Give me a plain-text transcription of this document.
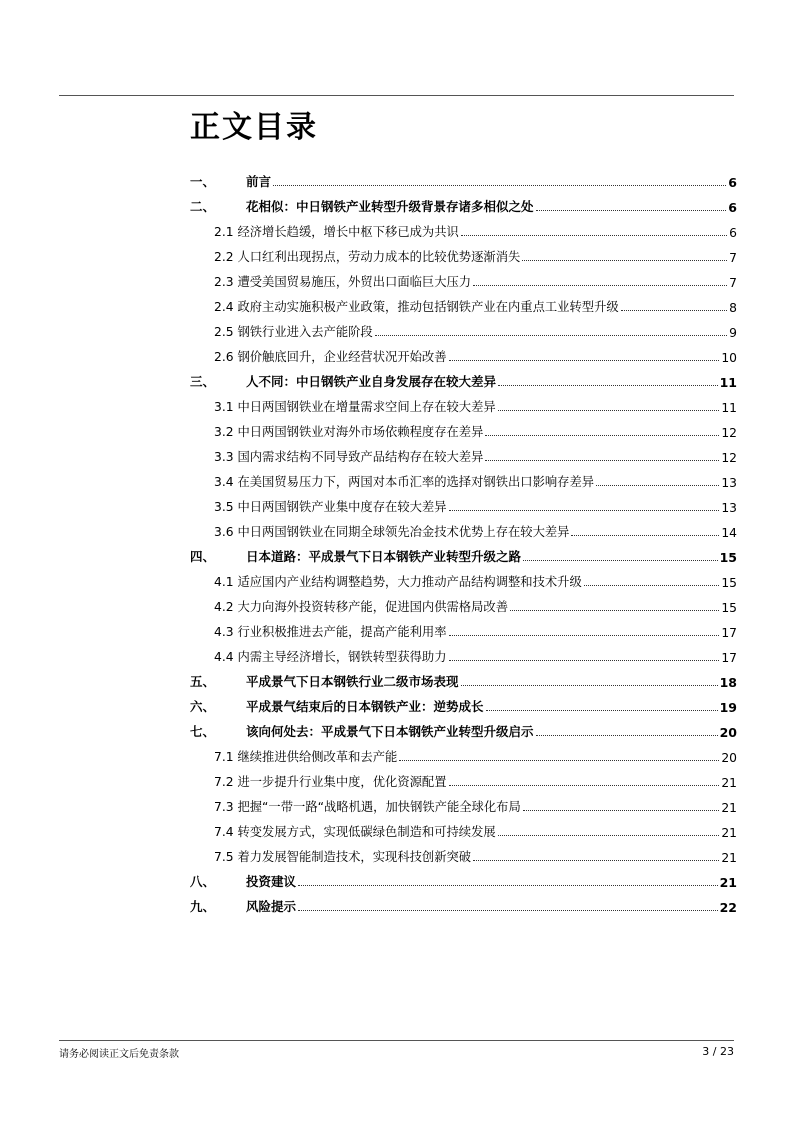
正文目录
一、	前言	6
二、	花相似：中日钢铁产业转型升级背景存诸多相似之处	6
2.1 经济增长趋缓，增长中枢下移已成为共识	6
2.2 人口红利出现拐点，劳动力成本的比较优势逐渐消失	7
2.3 遭受美国贸易施压，外贸出口面临巨大压力	7
2.4 政府主动实施积极产业政策，推动包括钢铁产业在内重点工业转型升级	8
2.5 钢铁行业进入去产能阶段	9
2.6 钢价触底回升，企业经营状况开始改善	10
三、	人不同：中日钢铁产业自身发展存在较大差异	11
3.1 中日两国钢铁业在增量需求空间上存在较大差异	11
3.2 中日两国钢铁业对海外市场依赖程度存在差异	12
3.3 国内需求结构不同导致产品结构存在较大差异	12
3.4 在美国贸易压力下，两国对本币汇率的选择对钢铁出口影响存差异	13
3.5 中日两国钢铁产业集中度存在较大差异	13
3.6 中日两国钢铁业在同期全球领先冶金技术优势上存在较大差异	14
四、	日本道路：平成景气下日本钢铁产业转型升级之路	15
4.1 适应国内产业结构调整趋势，大力推动产品结构调整和技术升级	15
4.2 大力向海外投资转移产能，促进国内供需格局改善	15
4.3 行业积极推进去产能，提高产能利用率	17
4.4 内需主导经济增长，钢铁转型获得助力	17
五、	平成景气下日本钢铁行业二级市场表现	18
六、	平成景气结束后的日本钢铁产业：逆势成长	19
七、	该向何处去：平成景气下日本钢铁产业转型升级启示	20
7.1 继续推进供给侧改革和去产能	20
7.2 进一步提升行业集中度，优化资源配置	21
7.3 把握“一带一路“战略机遇，加快钢铁产能全球化布局	21
7.4 转变发展方式，实现低碳绿色制造和可持续发展	21
7.5 着力发展智能制造技术，实现科技创新突破	21
八、	投资建议	21
九、	风险提示	22
请务必阅读正文后免责条款	3 / 23
